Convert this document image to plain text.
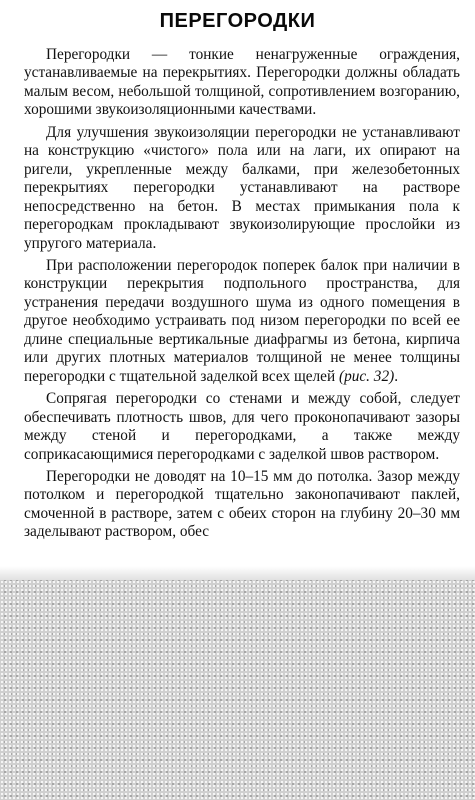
ПЕРЕГОРОДКИ

Перегородки — тонкие ненагруженные ограждения, устанавливаемые на перекрытиях. Перегородки должны обладать малым весом, небольшой толщиной, сопротивлением возгоранию, хорошими звукоизоляционными качествами.

Для улучшения звукоизоляции перегородки не устанавливают на конструкцию «чистого» пола или на лаги, их опирают на ригели, укрепленные между балками, при железобетонных перекрытиях перегородки устанавливают на растворе непосредственно на бетон. В местах примыкания пола к перегородкам прокладывают звукоизолирующие прослойки из упругого материала.

При расположении перегородок поперек балок при наличии в конструкции перекрытия подпольного пространства, для устранения передачи воздушного шума из одного помещения в другое необходимо устраивать под низом перегородки по всей ее длине специальные вертикальные диафрагмы из бетона, кирпича или других плотных материалов толщиной не менее толщины перегородки с тщательной заделкой всех щелей (рис. 32).

Сопрягая перегородки со стенами и между собой, следует обеспечивать плотность швов, для чего проконопачивают зазоры между стеной и перегородками, а также между соприкасающимися перегородками с заделкой швов раствором.

Перегородки не доводят на 10–15 мм до потолка. Зазор между потолком и перегородкой тщательно законопачивают паклей, смоченной в растворе, затем с обеих сторон на глубину 20–30 мм заделывают раствором, обес
